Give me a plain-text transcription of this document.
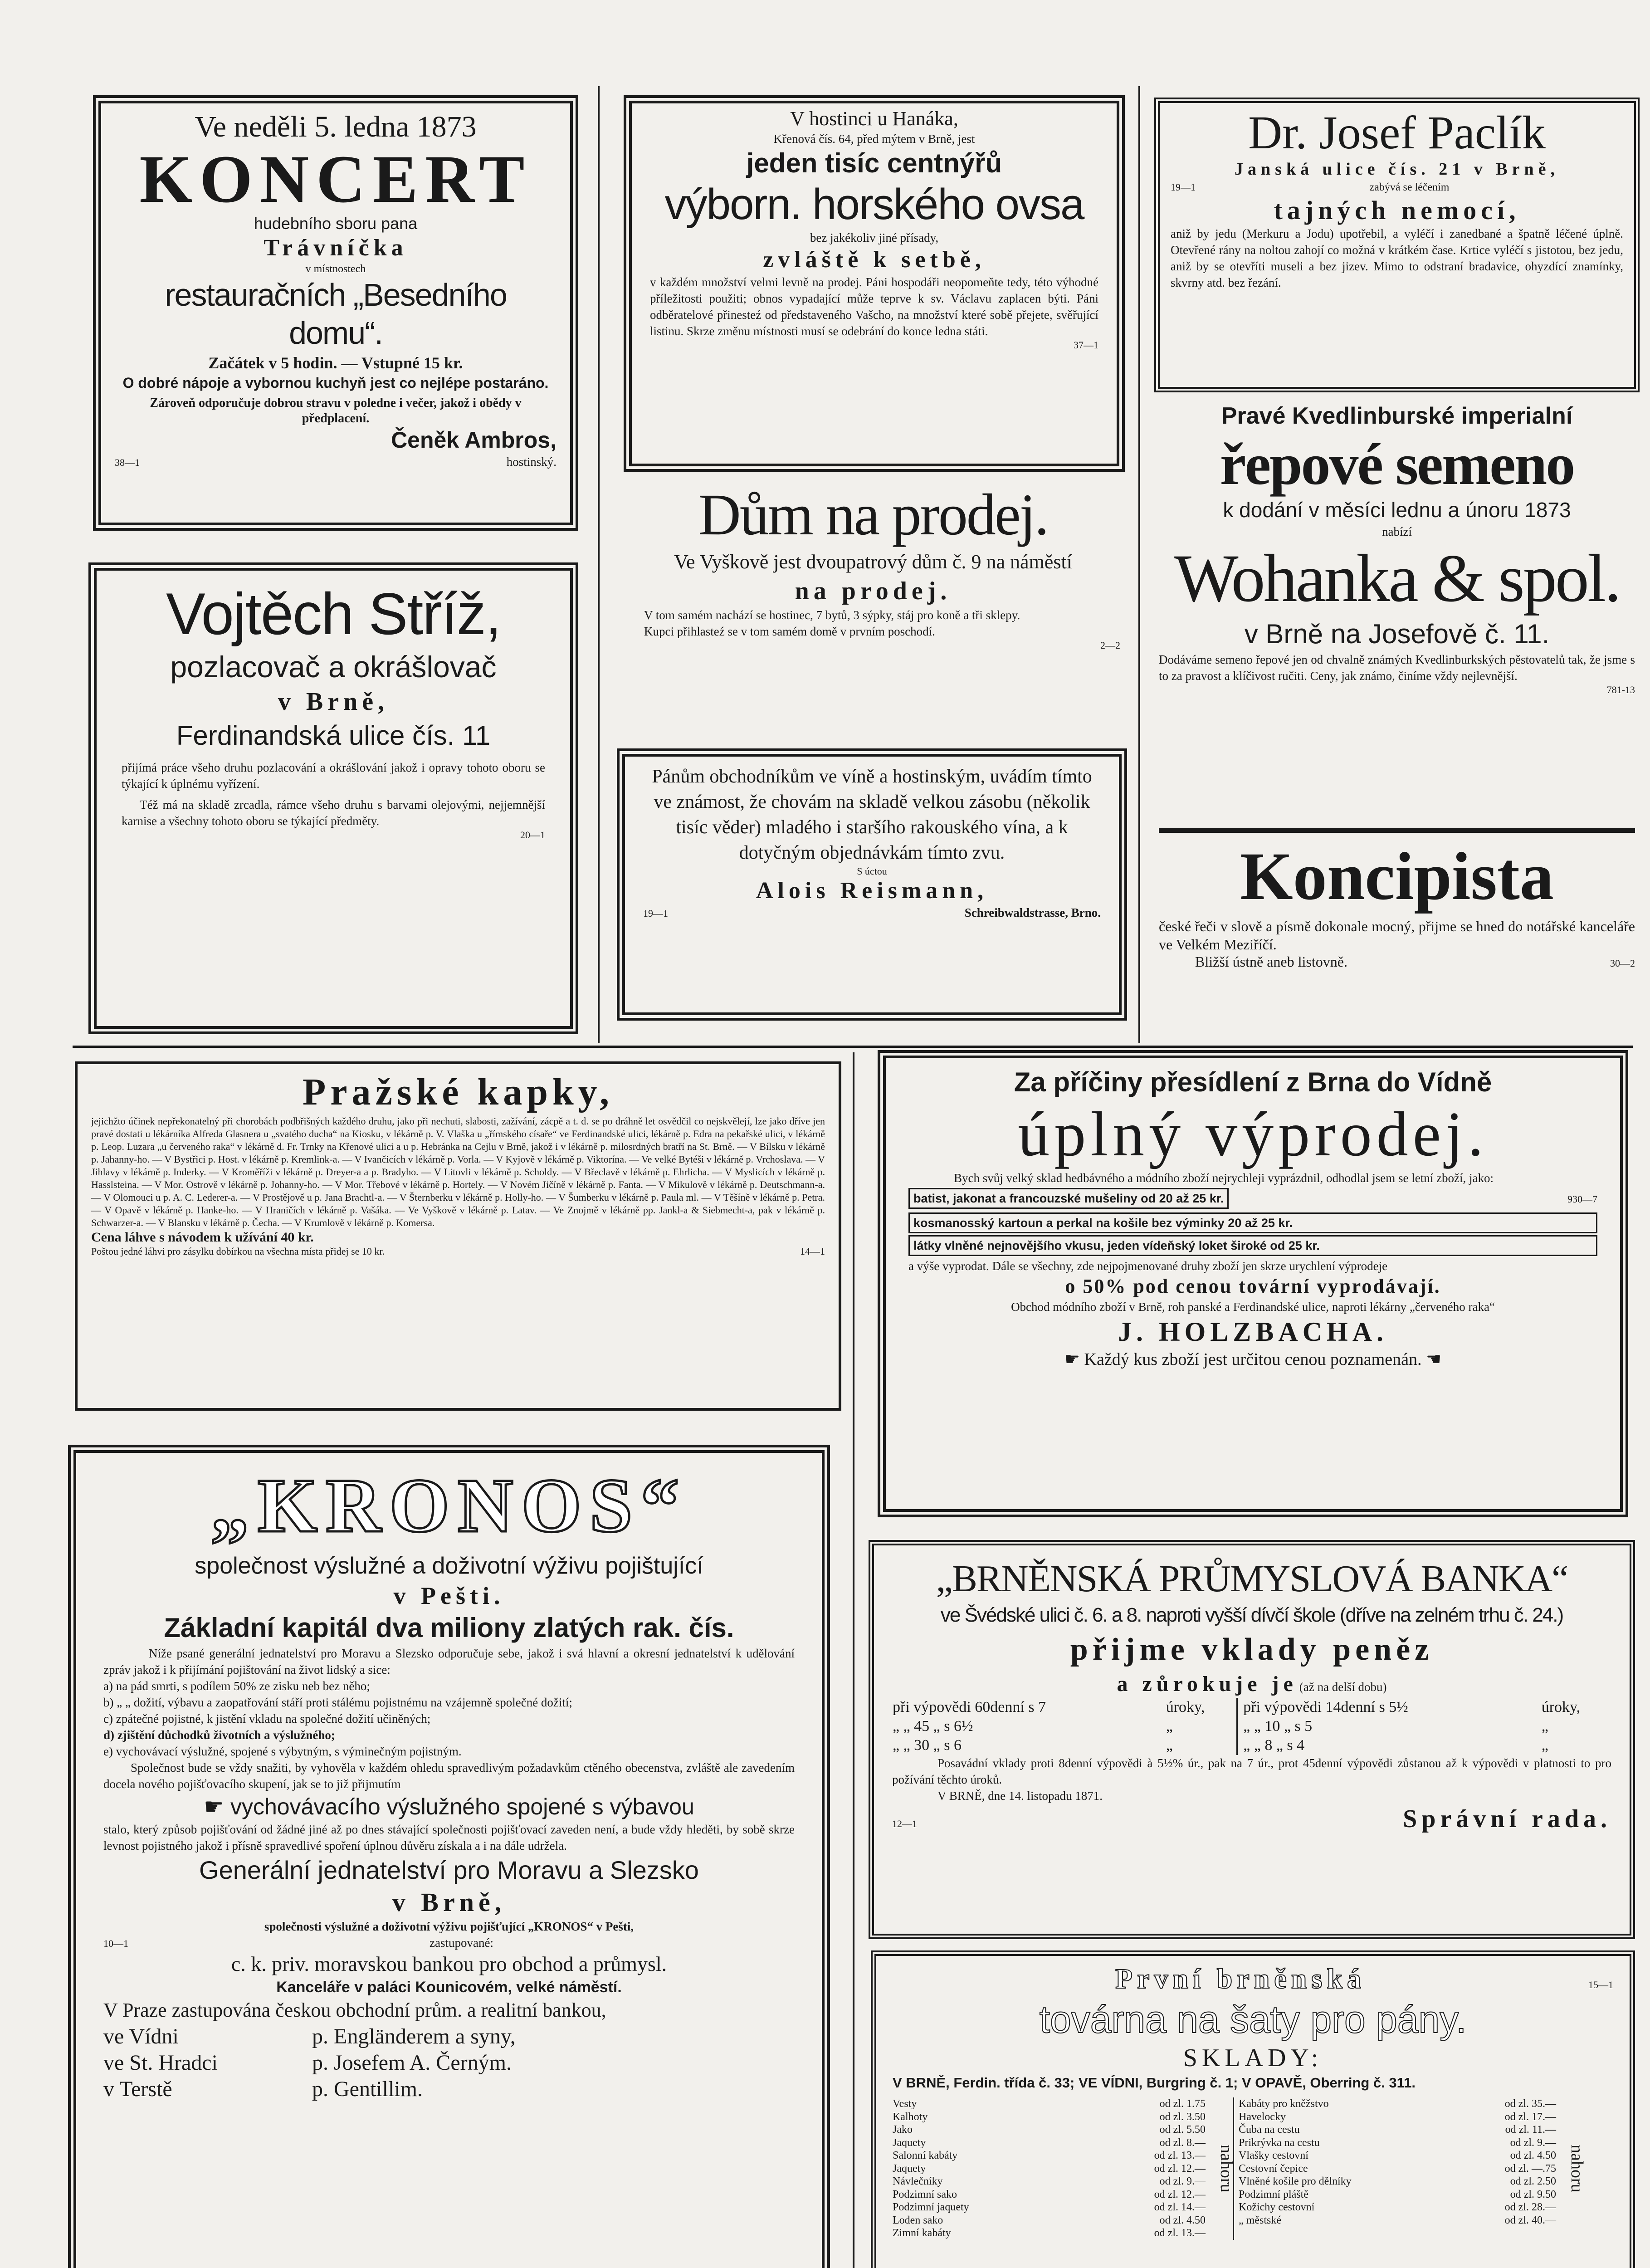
Ve neděli 5. ledna 1873
KONCERT
hudebního sboru pana
Trávníčka
v místnostech
restauračních „Besedního domu“.
Začátek v 5 hodin. — Vstupné 15 kr.
O dobré nápoje a vybornou kuchyň jest co nejlépe postaráno.
Zároveň odporučuje dobrou stravu v poledne i večer, jakož i obědy v předplacení.
Čeněk Ambros,
38—1	hostinský.
V hostinci u Hanáka,
Křenová čís. 64, před mýtem v Brně, jest
jeden tisíc centnýřů
výborn. horského ovsa
bez jakékoliv jiné přísady,
zvláště k setbě,
v každém množství velmi levně na prodej. Páni hospodáři neopomeňte tedy, této výhodné příležitosti použiti; obnos vypadající může teprve k sv. Václavu zaplacen býti. Páni odběratelové přinesteź od představeného Vašcho, na množství které sobě přejete, svěřující listinu. Skrze změnu místnosti musí se odebrání do konce ledna státi.
37—1
Dr. Josef Paclík
Janská ulice čís. 21 v Brně,
19—1	zabývá se léčením
tajných nemocí,
aniž by jedu (Merkuru a Jodu) upotřebil, a vyléčí i zanedbané a špatně léčené úplně. Otevřené rány na noltou zahojí co možná v krátkém čase. Krtice vyléčí s jistotou, bez jedu, aniž by se otevříti museli a bez jizev. Mimo to odstraní bradavice, ohyzdící znamínky, skvrny atd. bez řezání.
Pravé Kvedlinburské imperialní
řepové semeno
k dodání v měsíci lednu a únoru 1873
nabízí
Wohanka & spol.
v Brně na Josefově č. 11.
Dodáváme semeno řepové jen od chvalně známých Kvedlinburkských pěstovatelů tak, že jsme s to za pravost a klíčivost ručiti. Ceny, jak známo, činíme vždy nejlevnější.
781-13
Koncipista
české řeči v slově a písmě dokonale mocný, přijme se hned do notářské kanceláře ve Velkém Meziříčí.
Bližší ústně aneb listovně.	30—2
Vojtěch Stříž,
pozlacovač a okrášlovač
v Brně,
Ferdinandská ulice čís. 11
přijímá práce všeho druhu pozlacování a okrášlování jakož i opravy tohoto oboru se týkající k úplnému vyřízení.
Též má na skladě zrcadla, rámce všeho druhu s barvami olejovými, nejjemnější karnise a všechny tohoto oboru se týkající předměty.
20—1
Dům na prodej.
Ve Vyškově jest dvoupatrový dům č. 9 na náměstí
na prodej.
V tom samém nachází se hostinec, 7 bytů, 3 sýpky, stáj pro koně a tři sklepy.
Kupci přihlasteź se v tom samém domě v prvním poschodí.
2—2
Pánům obchodníkům ve víně a hostinským, uvádím tímto ve známost, že chovám na skladě velkou zásobu (několik tisíc věder) mladého i staršího rakouského vína, a k dotyčným objednávkám tímto zvu.
S úctou
Alois Reismann,
19—1	Schreibwaldstrasse, Brno.
Pražské kapky,
jejichžto účinek nepřekonatelný při chorobách podbřišných každého druhu, jako při nechuti, slabosti, zažívání, zácpě a t. d. se po dráhně let osvědčil co nejskvělejí, lze jako dříve jen pravé dostati u lékárníka Alfreda Glasnera u „svatého ducha“ na Kiosku, v lékárně p. V. Vlaška u „římského císaře“ ve Ferdinandské ulici, lékárně p. Edra na pekařské ulici, v lékárně p. Leop. Luzara „u červeného raka“ v lékárně d. Fr. Trnky na Křenové ulici a u p. Hebránka na Cejlu v Brně, jakož i v lékárně p. milosrdných bratří na St. Brně. — V Bílsku v lékárně p. Jahanny-ho. — V Bystřici p. Host. v lékárně p. Kremlink-a. — V Ivančicích v lékárně p. Vorla. — V Kyjově v lékárně p. Viktorína. — Ve velké Bytéši v lékárně p. Vrchoslava. — V Jihlavy v lékárně p. Inderky. — V Kroměříži v lékárně p. Dreyer-a a p. Bradyho. — V Litovli v lékárně p. Scholdy. — V Břeclavě v lékárně p. Ehrlicha. — V Myslicích v lékárně p. Hasslsteina. — V Mor. Ostrově v lékárně p. Johanny-ho. — V Mor. Třebové v lékárně p. Hortely. — V Novém Jičíně v lékárně p. Fanta. — V Mikulově v lékárně p. Deutschmann-a. — V Olomouci u p. A. C. Lederer-a. — V Prostějově u p. Jana Brachtl-a. — V Šternberku v lékárně p. Holly-ho. — V Šumberku v lékárně p. Paula ml. — V Těšíně v lékárně p. Petra. — V Opavě v lékárně p. Hanke-ho. — V Hraničích v lékárně p. Vašáka. — Ve Vyškově v lékárně p. Latav. — Ve Znojmě v lékárně pp. Jankl-a & Siebmecht-a, pak v lékárně p. Schwarzer-a. — V Blansku v lékárně p. Čecha. — V Krumlově v lékárně p. Komersa.
Cena láhve s návodem k užívání 40 kr.
Poštou jedné láhvi pro zásylku dobírkou na všechna místa přidej se 10 kr.	14—1
Za příčiny přesídlení z Brna do Vídně
úplný výprodej.
Bych svůj velký sklad hedbávného a módního zboží nejrychleji vyprázdnil, odhodlal jsem se letní zboží, jako:
batist, jakonat a francouzské mušeliny od 20 až 25 kr.	930—7
kosmanosský kartoun a perkal na košile bez výminky 20 až 25 kr.
látky vlněné nejnovějšího vkusu, jeden vídeňský loket široké od 25 kr.
a výše vyprodat. Dále se všechny, zde nejpojmenované druhy zboží jen skrze urychlení výprodeje
o 50% pod cenou tovární vyprodávají.
Obchod módního zboží v Brně, roh panské a Ferdinandské ulice, naproti lékárny „červeného raka“
J. HOLZBACHA.
☛ Každý kus zboží jest určitou cenou poznamenán. ☚
„KRONOS“
společnost výslužné a doživotní výživu pojištující
v Pešti.
Základní kapitál dva miliony zlatých rak. čís.
Níže psané generální jednatelství pro Moravu a Slezsko odporučuje sebe, jakož i svá hlavní a okresní jednatelství k udělování zpráv jakož i k přijímání pojištování na život lidský a sice:
a) na pád smrti, s podílem 50% ze zisku neb bez něho;
b) „ „ dožití, výbavu a zaopatřování stáří proti stálému pojistnému na vzájemně společné dožití;
c) zpátečné pojistné, k jistění vkladu na společné dožití učiněných;
d) zjištění důchodků životních a výslužného;
e) vychovávací výslužné, spojené s výbytným, s výminečným pojistným.
Společnost bude se vždy snažiti, by vyhověla v každém ohledu spravedlivým požadavkům ctěného obecenstva, zvláště ale zavedením docela nového pojišťovacího skupení, jak se to již přijmutím
☛ vychovávacího výslužného spojené s výbavou
stalo, který způsob pojišťování od žádné jiné až po dnes stávající společnosti pojišťovací zaveden není, a bude vždy hleděti, by sobě skrze levnost pojistného jakož i přísně spravedlivé spoření úplnou důvěru získala a i na dále udržela.
Generální jednatelství pro Moravu a Slezsko
v Brně,
společnosti výslužné a doživotní výživu pojišťující „KRONOS“ v Pešti,
10—1	zastupované:
c. k. priv. moravskou bankou pro obchod a průmysl.
Kanceláře v paláci Kounicovém, velké náměstí.
V Praze zastupována českou obchodní prům. a realitní bankou,
ve Vídni	p. Engländerem a syny,
ve St. Hradci	p. Josefem A. Černým.
v Terstě	p. Gentillim.
„BRNĚNSKÁ PRŮMYSLOVÁ BANKA“
ve Švédské ulici č. 6. a 8. naproti vyšší dívčí škole (dříve na zelném trhu č. 24.)
přijme vklady peněz
a zůrokuje je (až na delší dobu)
při výpovědi 60denní s 7	úroky,	při výpovědi 14denní s 5½	úroky,
„ „ 45 „ s 6½	„	„ „ 10 „ s 5	„
„ „ 30 „ s 6	„	„ „ 8 „ s 4	„
Posavádní vklady proti 8denní výpovědi à 5½% úr., pak na 7 úr., prot 45denní výpovědi zůstanou až k výpovědi v platnosti to pro požívání těchto úroků.
V BRNĚ, dne 14. listopadu 1871.
12—1	Správní rada.
První brněnská	15—1
továrna na šaty pro pány.
SKLADY:
V BRNĚ, Ferdin. třída č. 33; VE VÍDNI, Burgring č. 1; V OPAVĚ, Oberring č. 311.
Vesty	od zl. 1.75
Kalhoty	od zl. 3.50
Jako	od zl. 5.50
Jaquety	od zl. 8.—
Salonní kabáty	od zl. 13.—
Jaquety	od zl. 12.—
Návlečníky	od zl. 9.—
Podzimní sako	od zl. 12.—
Podzimní jaquety	od zl. 14.—
Loden sako	od zl. 4.50
Zimní kabáty	od zl. 13.—
nahoru
Kabáty pro kněžstvo	od zl. 35.—
Havelocky	od zl. 17.—
Čuba na cestu	od zl. 11.—
Prikrývka na cestu	od zl. 9.—
Vlašky cestovní	od zl. 4.50
Cestovní čepice	od zl. —.75
Vlněné košile pro dělníky	od zl. 2.50
Podzimní pláště	od zl. 9.50
Kožichy cestovní	od zl. 28.—
„ městské	od zl. 40.—
nahoru
